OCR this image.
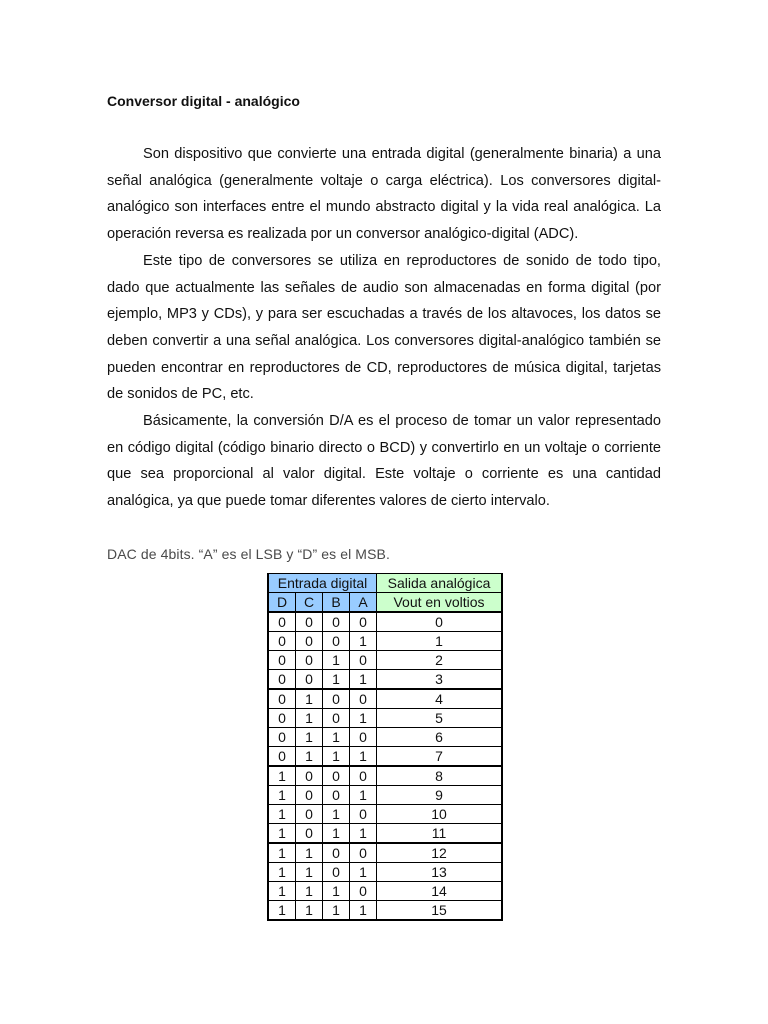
Conversor digital - analógico

Son dispositivo que convierte una entrada digital (generalmente binaria) a una señal analógica (generalmente voltaje o carga eléctrica). Los conversores digital-analógico son interfaces entre el mundo abstracto digital y la vida real analógica. La operación reversa es realizada por un conversor analógico-digital (ADC).

Este tipo de conversores se utiliza en reproductores de sonido de todo tipo, dado que actualmente las señales de audio son almacenadas en forma digital (por ejemplo, MP3 y CDs), y para ser escuchadas a través de los altavoces, los datos se deben convertir a una señal analógica. Los conversores digital-analógico también se pueden encontrar en reproductores de CD, reproductores de música digital, tarjetas de sonidos de PC, etc.

Básicamente, la conversión D/A es el proceso de tomar un valor representado en código digital (código binario directo o BCD) y convertirlo en un voltaje o corriente que sea proporcional al valor digital. Este voltaje o corriente es una cantidad analógica, ya que puede tomar diferentes valores de cierto intervalo.

DAC de 4bits. “A” es el LSB y “D” es el MSB.
Entrada digital				Salida analógica
D	C	B	A	Vout en voltios
0	0	0	0	0
0	0	0	1	1
0	0	1	0	2
0	0	1	1	3
0	1	0	0	4
0	1	0	1	5
0	1	1	0	6
0	1	1	1	7
1	0	0	0	8
1	0	0	1	9
1	0	1	0	10
1	0	1	1	11
1	1	0	0	12
1	1	0	1	13
1	1	1	0	14
1	1	1	1	15
